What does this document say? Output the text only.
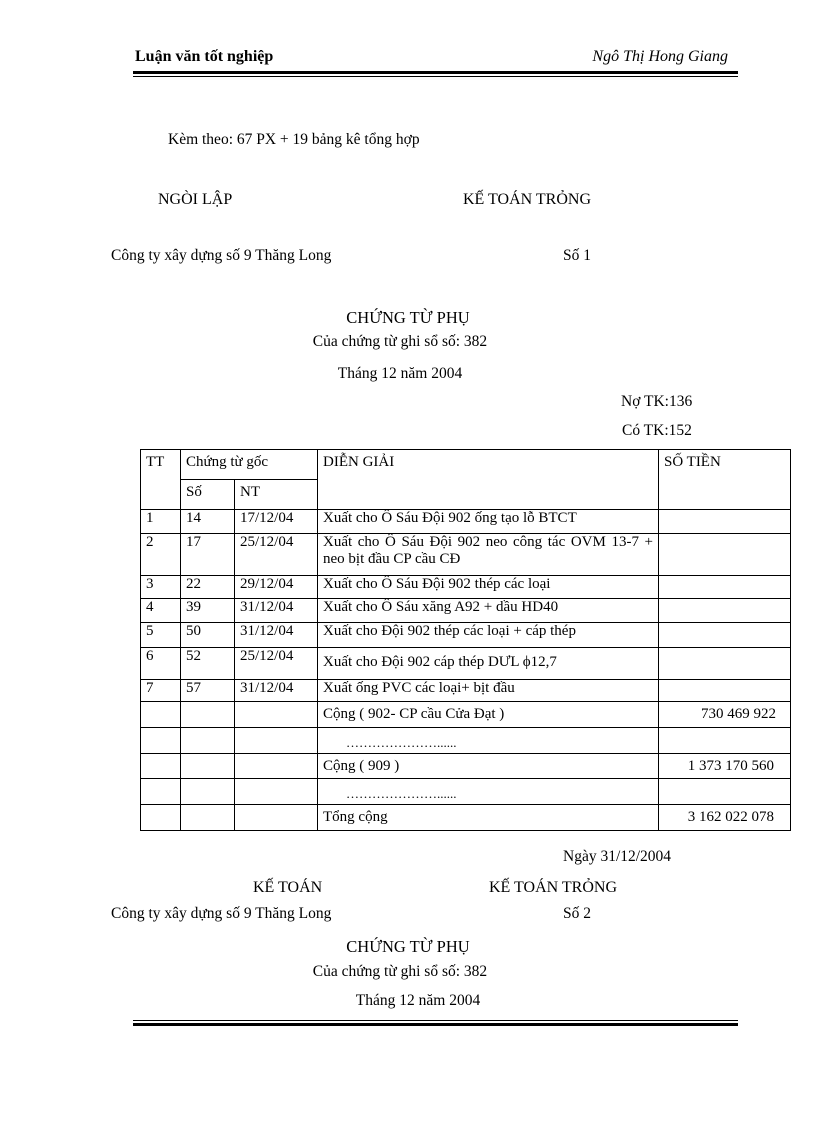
Luận văn tốt nghiệp	Ngô Thị Hong Giang
Kèm theo: 67 PX + 19 bảng kê tổng hợp
NGÒI LẬP	KẾ TOÁN TRỎNG
Công ty xây dựng số 9 Thăng Long	Số 1
CHỨNG TỪ PHỤ
Của chứng từ ghi sổ số: 382
Tháng 12 năm 2004
Nợ TK:136
Có TK:152
TT	Chứng từ gốc		DIỄN GIẢI	SỐ TIỀN
	Số	NT		
1	14	17/12/04	Xuất cho Ô Sáu Đội 902 ống tạo lỗ BTCT	
2	17	25/12/04	Xuất cho Ô Sáu Đội 902 neo công tác OVM 13-7 + neo bịt đầu CP cầu CĐ	
3	22	29/12/04	Xuất cho Ô Sáu Đội 902 thép các loại	
4	39	31/12/04	Xuất cho Ô Sáu xăng A92 + dầu HD40	
5	50	31/12/04	Xuất cho Đội 902 thép các loại + cáp thép	
6	52	25/12/04	Xuất cho Đội 902 cáp thép DƯL ϕ12,7	
7	57	31/12/04	Xuất ống PVC các loại+ bịt đầu	
			Cộng ( 902- CP cầu Cửa Đạt )	730 469 922
			…………………......	
			Cộng ( 909 )	1 373 170 560
			…………………......	
			Tổng cộng	3 162 022 078
Ngày 31/12/2004
KẾ TOÁN	KẾ TOÁN TRỎNG
Công ty xây dựng số 9 Thăng Long	Số 2
CHỨNG TỪ PHỤ
Của chứng từ ghi sổ số: 382
Tháng 12 năm 2004
